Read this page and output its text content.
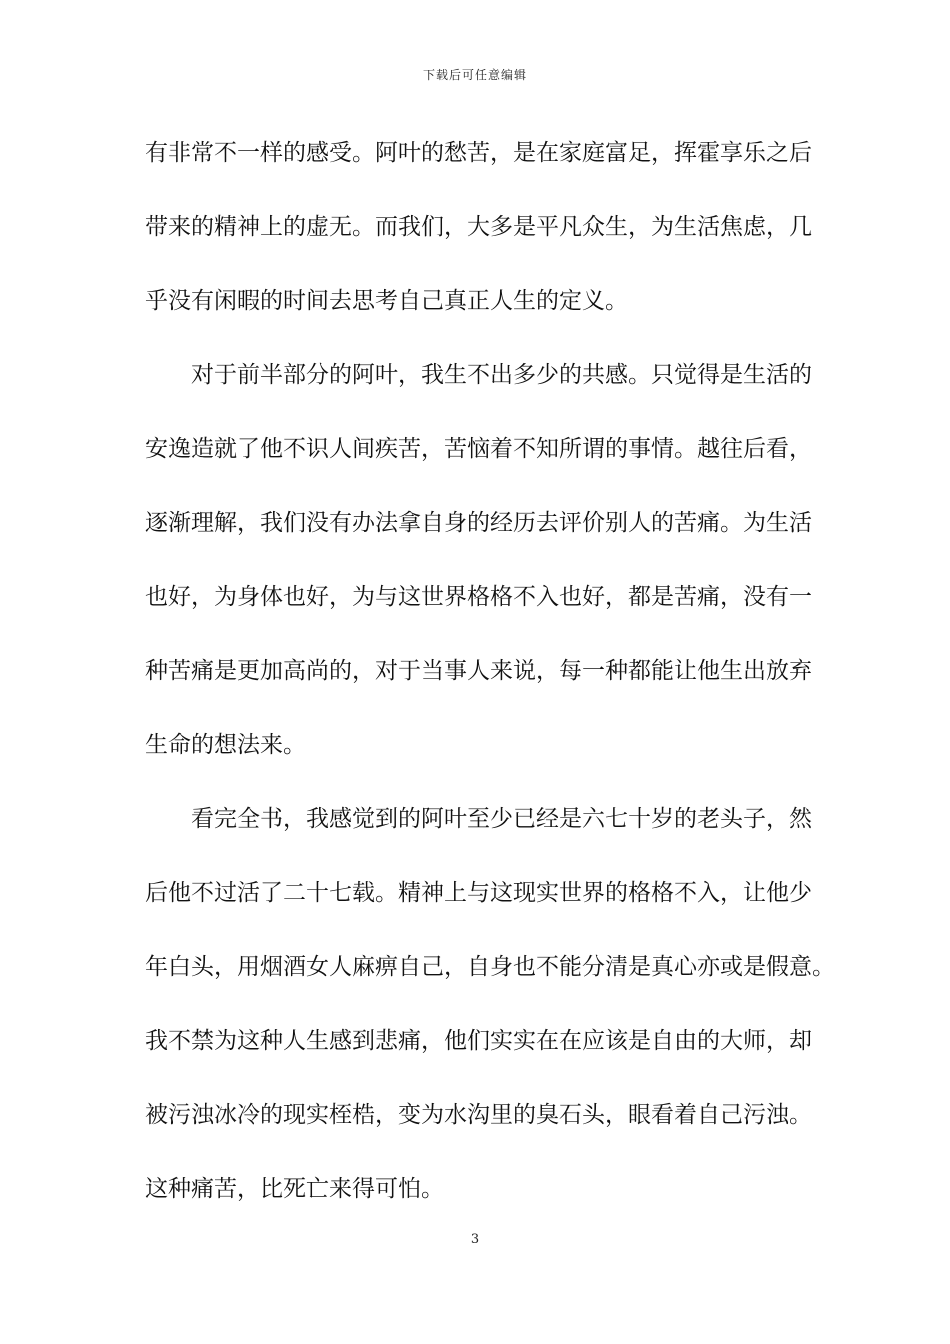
下载后可任意编辑
有非常不一样的感受。阿叶的愁苦，是在家庭富足，挥霍享乐之后
带来的精神上的虚无。而我们，大多是平凡众生，为生活焦虑，几
乎没有闲暇的时间去思考自己真正人生的定义。
对于前半部分的阿叶，我生不出多少的共感。只觉得是生活的
安逸造就了他不识人间疾苦，苦恼着不知所谓的事情。越往后看，
逐渐理解，我们没有办法拿自身的经历去评价别人的苦痛。为生活
也好，为身体也好，为与这世界格格不入也好，都是苦痛，没有一
种苦痛是更加高尚的，对于当事人来说，每一种都能让他生出放弃
生命的想法来。
看完全书，我感觉到的阿叶至少已经是六七十岁的老头子，然
后他不过活了二十七载。精神上与这现实世界的格格不入，让他少
年白头，用烟酒女人麻痹自己，自身也不能分清是真心亦或是假意。
我不禁为这种人生感到悲痛，他们实实在在应该是自由的大师，却
被污浊冰冷的现实桎梏，变为水沟里的臭石头，眼看着自己污浊。
这种痛苦，比死亡来得可怕。
3
